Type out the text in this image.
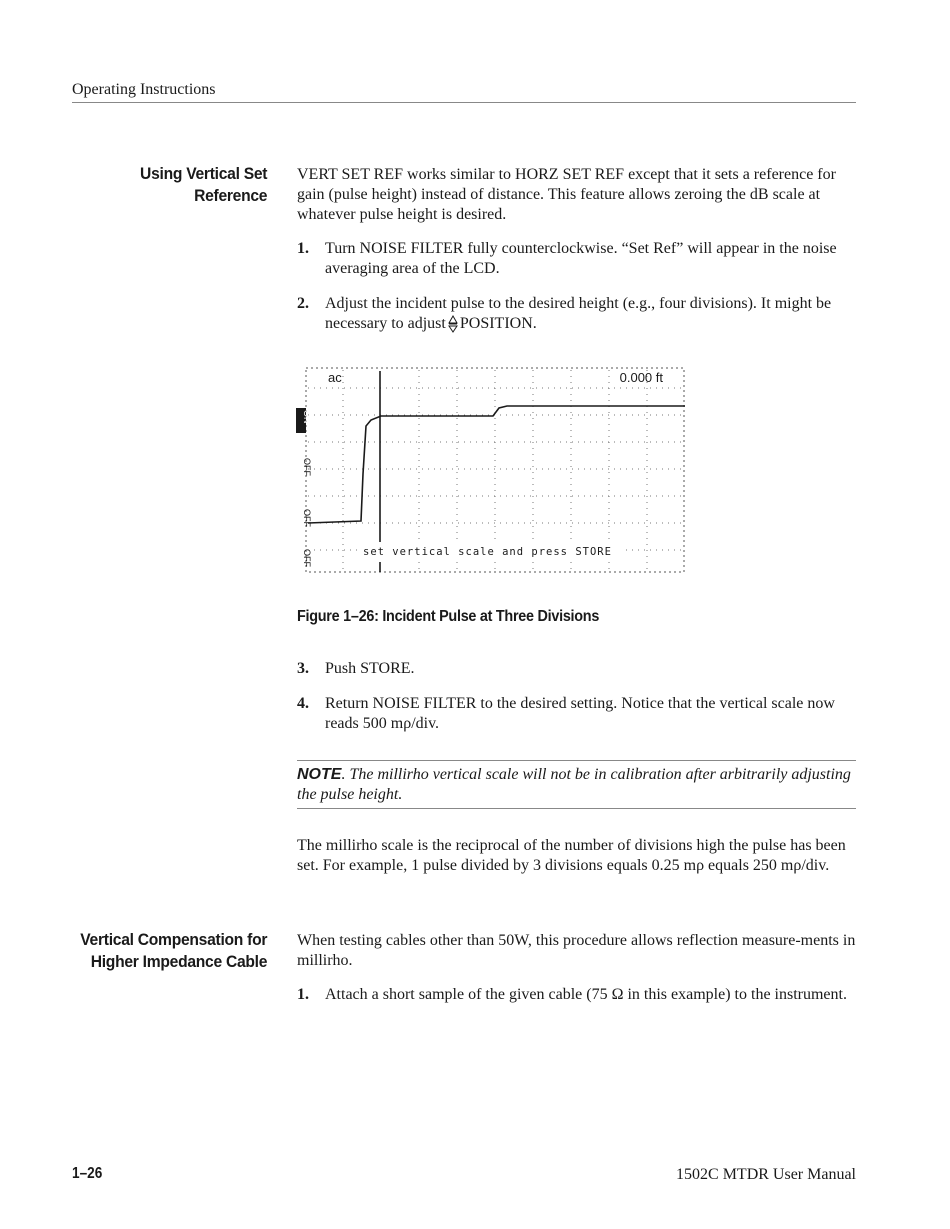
Operating Instructions
Using Vertical Set
Reference
VERT SET REF works similar to HORZ SET REF except that it sets a reference for gain (pulse height) instead of distance. This feature allows zeroing the dB scale at whatever pulse height is desired.
1. Turn NOISE FILTER fully counterclockwise. “Set Ref” will appear in the noise averaging area of the LCD.
2. Adjust the incident pulse to the desired height (e.g., four divisions). It might be necessary to adjust POSITION.
ON
OFF
OFF
OFF
ac	0.000 ft
set vertical scale and press STORE
Figure 1–26: Incident Pulse at Three Divisions
3. Push STORE.
4. Return NOISE FILTER to the desired setting. Notice that the vertical scale now reads 500 mρ/div.
NOTE. The millirho vertical scale will not be in calibration after arbitrarily adjusting the pulse height.
The millirho scale is the reciprocal of the number of divisions high the pulse has been set. For example, 1 pulse divided by 3 divisions equals 0.25 mρ equals 250 mρ/div.
Vertical Compensation for
Higher Impedance Cable
When testing cables other than 50W, this procedure allows reflection measure-ments in millirho.
1. Attach a short sample of the given cable (75 Ω in this example) to the instrument.
1–26	1502C MTDR User Manual
